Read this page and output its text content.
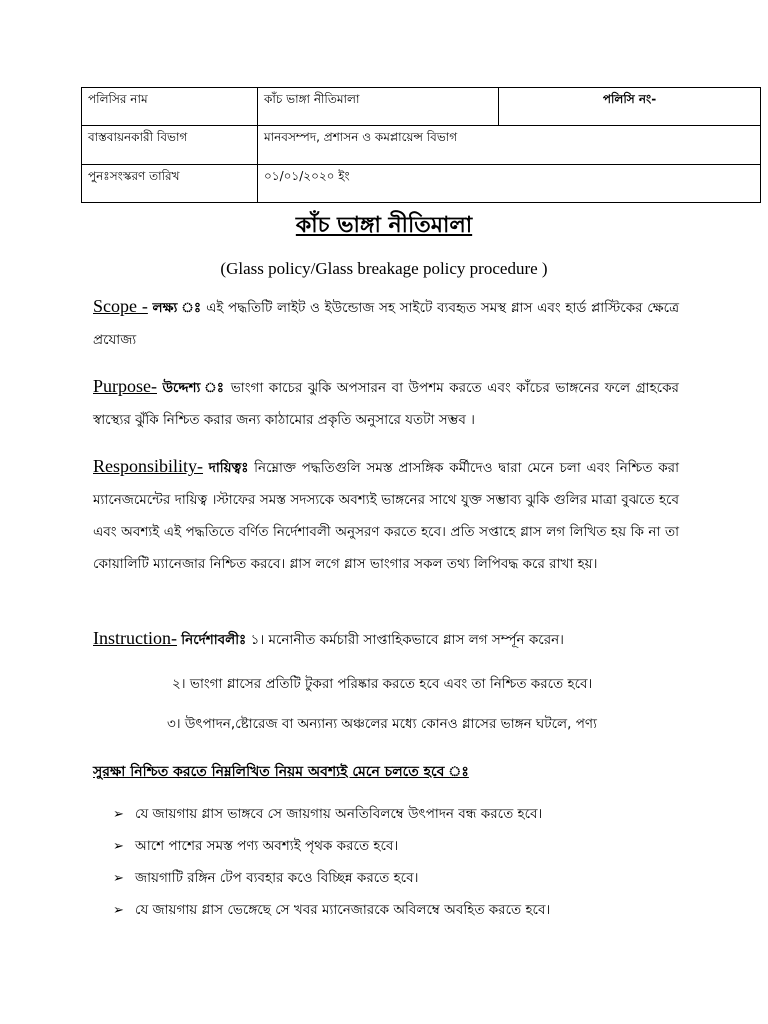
পলিসির নাম	কাঁচ ভাঙ্গা নীতিমালা	পলিসি নং-
বাস্তবায়নকারী বিভাগ	মানবসম্পদ, প্রশাসন ও কমপ্লায়েন্স বিভাগ	
পুনঃসংস্করণ তারিখ	০১/০১/২০২০ ইং	
কাঁচ ভাঙ্গা নীতিমালা
(Glass policy/Glass breakage policy procedure )
Scope - লক্ষ্য ঃ এই পদ্ধতিটি লাইট ও ইউন্ডোজ সহ সাইটে ব্যবহৃত সমস্থ গ্লাস এবং হার্ড প্লাস্টিকের ক্ষেত্রে প্রযোজ্য
Purpose- উদ্দেশ্য ঃ ভাংগা কাচের ঝুকি অপসারন বা উপশম করতে এবং কাঁচের ভাঙ্গনের ফলে গ্রাহকের স্বাস্থ্যের ঝুঁকি নিশ্চিত করার জন্য কাঠামোর প্রকৃতি অনুসারে যতটা সম্ভব ।
Responsibility- দায়িত্বঃ নিম্নোক্ত পদ্ধতিগুলি সমস্ত প্রাসঙ্গিক কর্মীদেও দ্বারা মেনে চলা এবং নিশ্চিত করা ম্যানেজমেন্টের দায়িত্ব ।স্টাফের সমস্ত সদস্যকে অবশ্যই ভাঙ্গনের সাথে যুক্ত সম্ভাব্য ঝুকি গুলির মাত্রা বুঝতে হবে এবং অবশ্যই এই পদ্ধতিতে বর্ণিত নির্দেশাবলী অনুসরণ করতে হবে। প্রতি সপ্তাহে গ্লাস লগ লিখিত হয় কি না তা কোয়ালিটি ম্যানেজার নিশ্চিত করবে। গ্লাস লগে গ্লাস ভাংগার সকল তথ্য লিপিবদ্ধ করে রাখা হয়।
Instruction- নির্দেশাবলীঃ ১। মনোনীত কর্মচারী সাপ্তাহিকভাবে গ্লাস লগ সর্ম্পূন করেন।
২। ভাংগা গ্লাসের প্রতিটি টুকরা পরিষ্কার করতে হবে এবং তা নিশ্চিত করতে হবে।
৩। উৎপাদন,ষ্টোরেজ বা অন্যান্য অঞ্চলের মধ্যে কোনও গ্লাসের ভাঙ্গন ঘটলে, পণ্য
সুরক্ষা নিশ্চিত করতে নিম্নলিখিত নিয়ম অবশ্যই মেনে চলতে হবে ঃ
➢ যে জায়গায় গ্লাস ভাঙ্গবে সে জায়গায় অনতিবিলম্বে উৎপাদন বন্ধ করতে হবে।
➢ আশে পাশের সমস্ত পণ্য অবশ্যই পৃথক করতে হবে।
➢ জায়গাটি রঙ্গিন টেপ ব্যবহার কওে বিচ্ছিন্ন করতে হবে।
➢ যে জায়গায় গ্লাস ভেঙ্গেছে সে খবর ম্যানেজারকে অবিলম্বে অবহিত করতে হবে।
